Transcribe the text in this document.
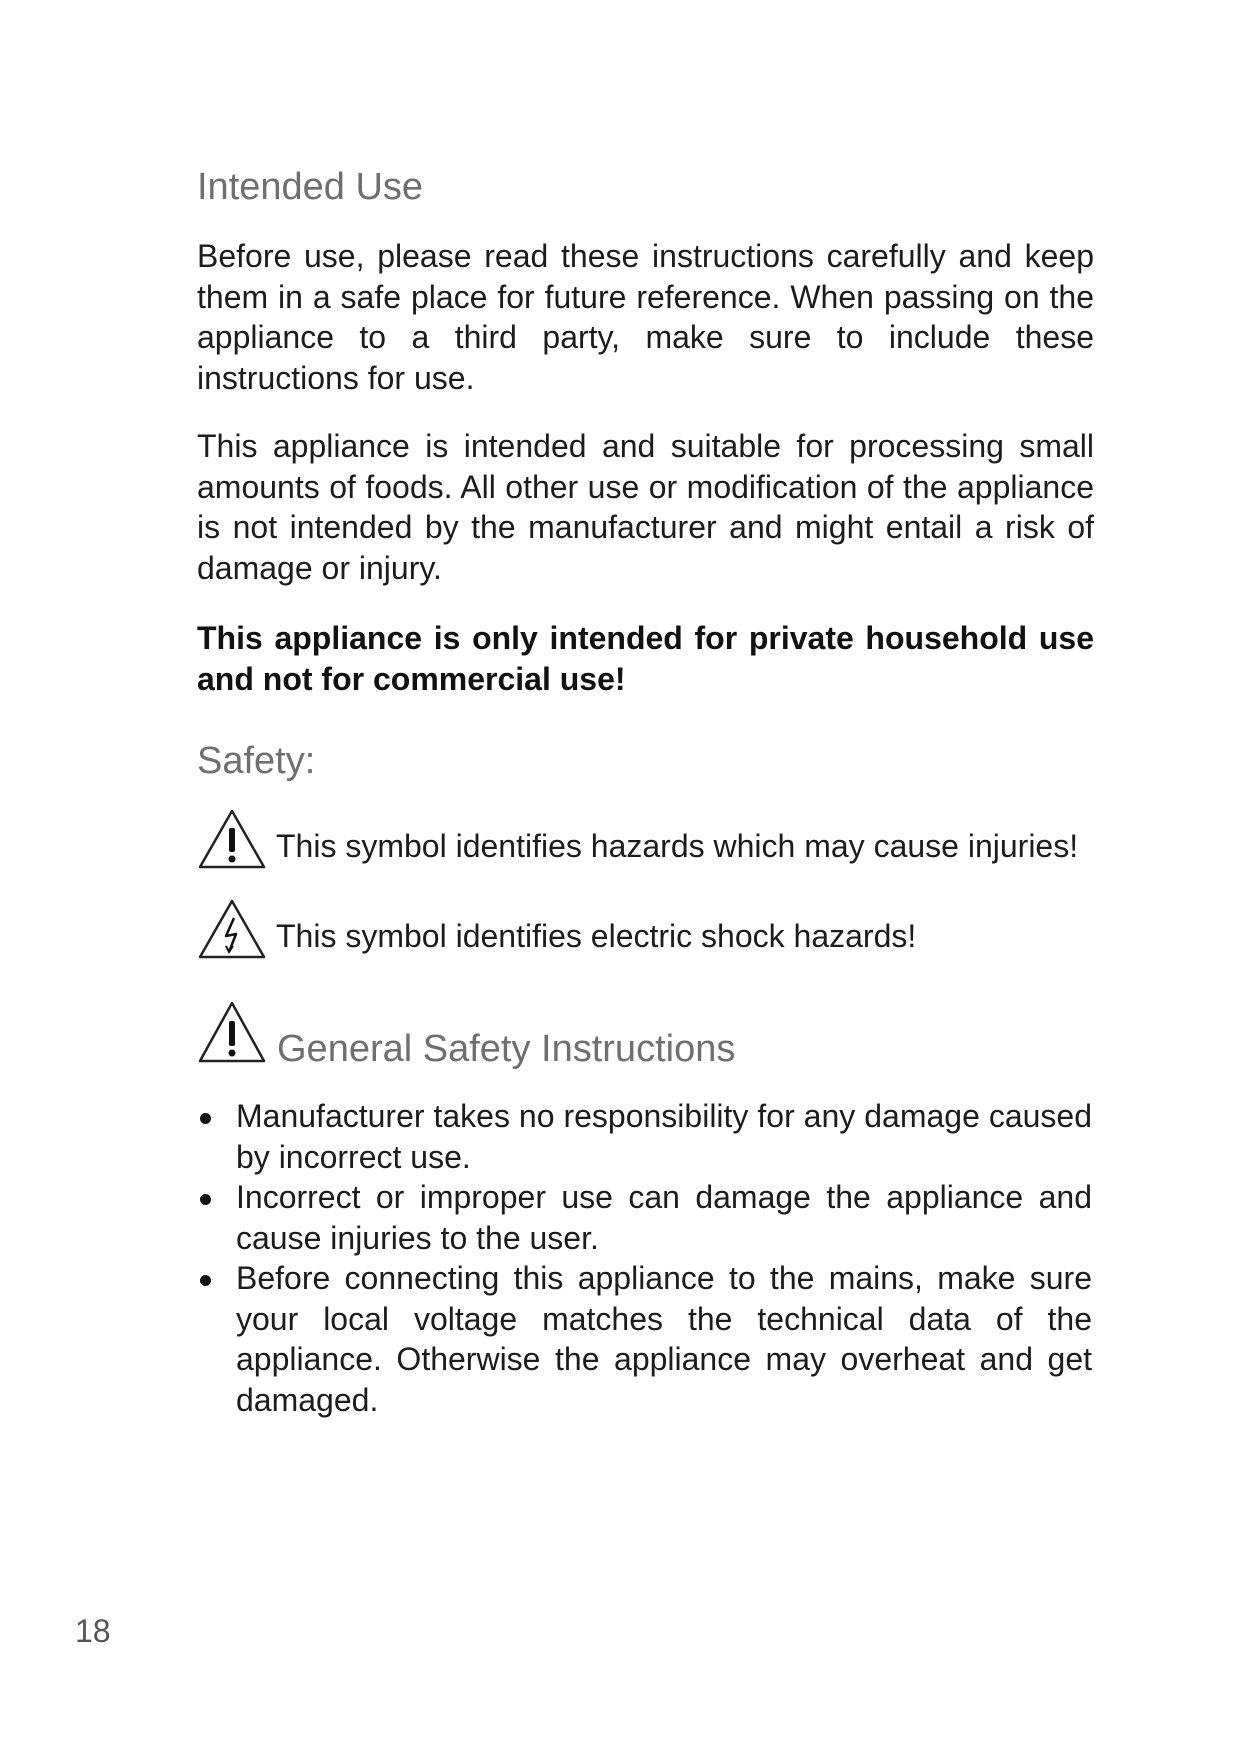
Intended Use

Before use, please read these instructions carefully and keep them in a safe place for future reference. When passing on the appliance to a third party, make sure to include these instructions for use.

This appliance is intended and suitable for processing small amounts of foods. All other use or modification of the appliance is not intended by the manufacturer and might entail a risk of damage or injury.

This appliance is only intended for private household use and not for commercial use!

Safety:
This symbol identifies hazards which may cause injuries!
This symbol identifies electric shock hazards!
General Safety Instructions
Manufacturer takes no responsibility for any damage caused by incorrect use.
Incorrect or improper use can damage the appliance and cause injuries to the user.
Before connecting this appliance to the mains, make sure your local voltage matches the technical data of the appliance. Otherwise the appliance may overheat and get damaged.
18
